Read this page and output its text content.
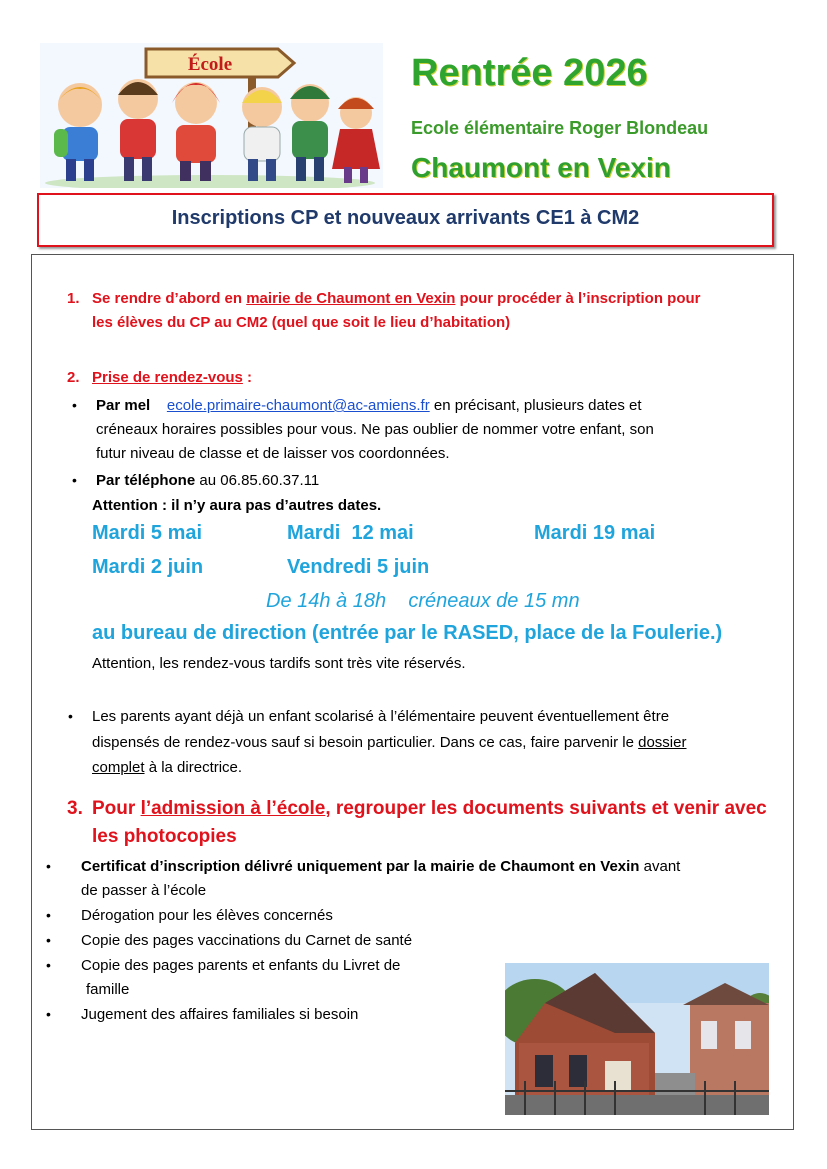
École	Rentrée 2026
Ecole élémentaire Roger Blondeau
Chaumont en Vexin
Inscriptions CP et nouveaux arrivants CE1 à CM2
1. Se rendre d’abord en mairie de Chaumont en Vexin pour procéder à l’inscription pour
les élèves du CP au CM2 (quel que soit le lieu d’habitation)
2. Prise de rendez-vous :
• Par mel ecole.primaire-chaumont@ac-amiens.fr en précisant, plusieurs dates et
créneaux horaires possibles pour vous. Ne pas oublier de nommer votre enfant, son
futur niveau de classe et de laisser vos coordonnées.
• Par téléphone au 06.85.60.37.11
Attention : il n’y aura pas d’autres dates.
Mardi 5 mai	Mardi  12 mai	Mardi 19 mai
Mardi 2 juin	Vendredi 5 juin
De 14h à 18h créneaux de 15 mn
au bureau de direction (entrée par le RASED, place de la Foulerie.)
Attention, les rendez-vous tardifs sont très vite réservés.
• Les parents ayant déjà un enfant scolarisé à l’élémentaire peuvent éventuellement être
dispensés de rendez-vous sauf si besoin particulier. Dans ce cas, faire parvenir le dossier
complet à la directrice.
3. Pour l’admission à l’école, regrouper les documents suivants et venir avec
les photocopies
• Certificat d’inscription délivré uniquement par la mairie de Chaumont en Vexin avant
de passer à l’école
• Dérogation pour les élèves concernés
• Copie des pages vaccinations du Carnet de santé
• Copie des pages parents et enfants du Livret de
famille
• Jugement des affaires familiales si besoin
